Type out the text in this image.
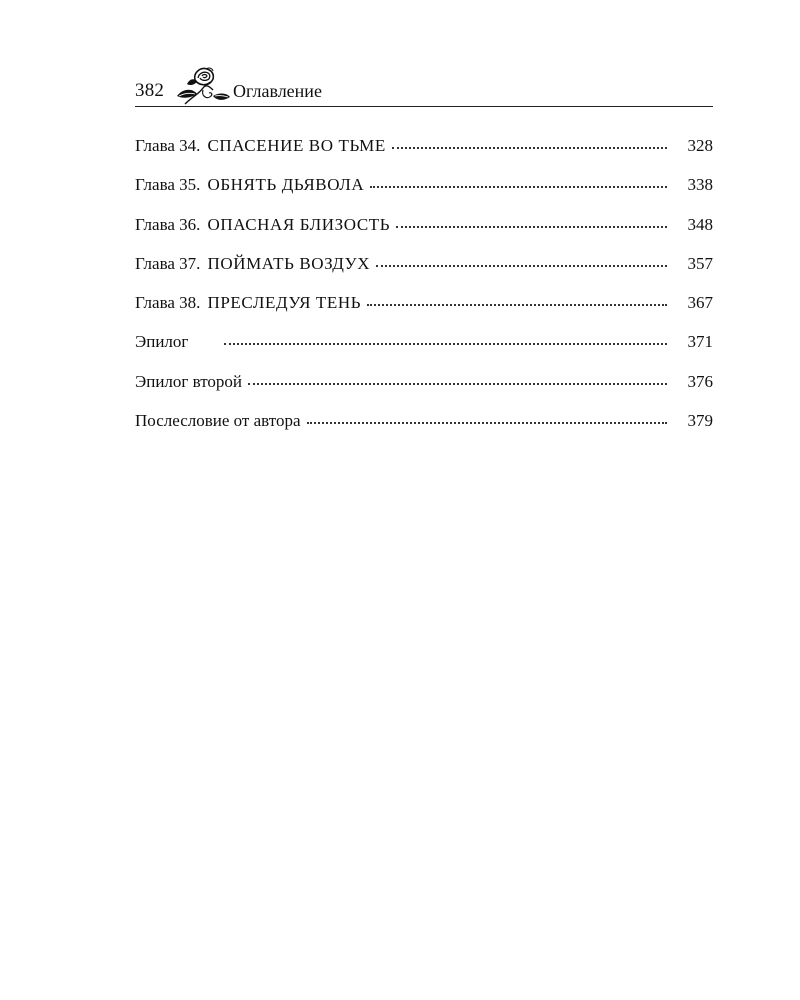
382	Оглавление
Глава 34. СПАСЕНИЕ ВО ТЬМЕ	328
Глава 35. ОБНЯТЬ ДЬЯВОЛА	338
Глава 36. ОПАСНАЯ БЛИЗОСТЬ	348
Глава 37. ПОЙМАТЬ ВОЗДУХ	357
Глава 38. ПРЕСЛЕДУЯ ТЕНЬ	367
Эпилог	371
Эпилог второй	376
Послесловие от автора	379
